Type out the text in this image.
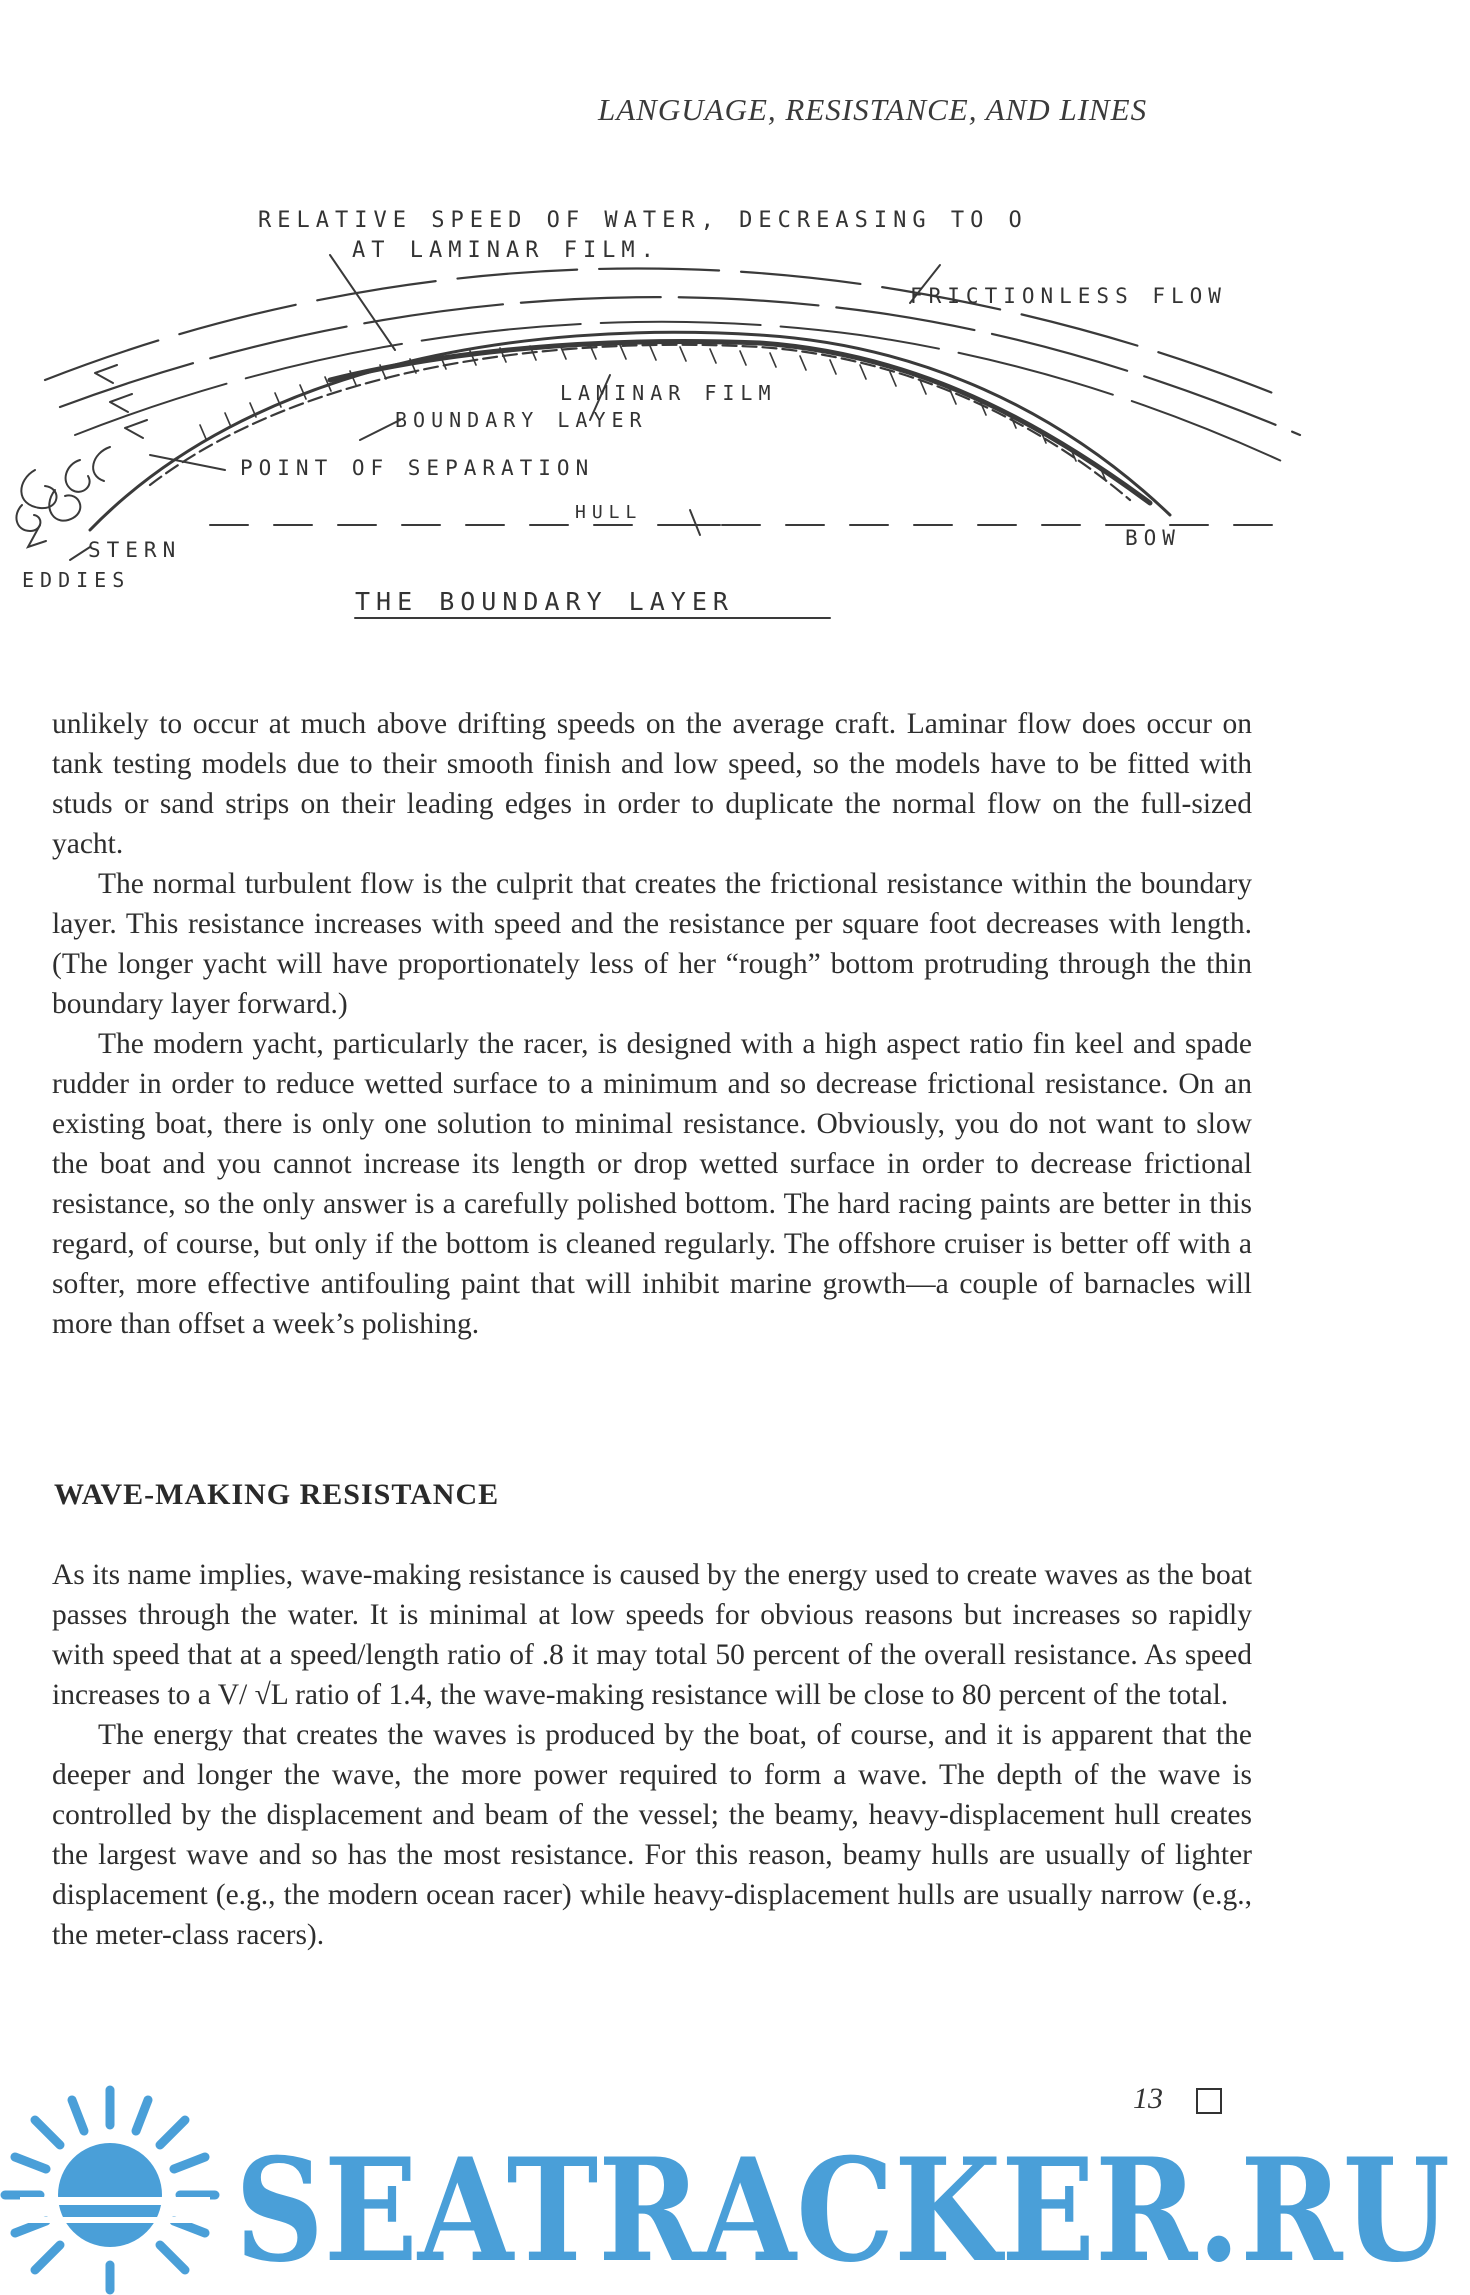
LANGUAGE, RESISTANCE, AND LINES
RELATIVE SPEED OF WATER, DECREASING TO O
AT LAMINAR FILM.
FRICTIONLESS FLOW
LAMINAR FILM
BOUNDARY LAYER
POINT OF SEPARATION
HULL
STERN	BOW
EDDIES
THE BOUNDARY LAYER

unlikely to occur at much above drifting speeds on the average craft. Laminar flow does occur on tank testing models due to their smooth finish and low speed, so the models have to be fitted with studs or sand strips on their leading edges in order to duplicate the normal flow on the full-sized yacht.

The normal turbulent flow is the culprit that creates the frictional resistance within the boundary layer. This resistance increases with speed and the resistance per square foot decreases with length. (The longer yacht will have proportionately less of her “rough” bottom protruding through the thin boundary layer forward.)

The modern yacht, particularly the racer, is designed with a high aspect ratio fin keel and spade rudder in order to reduce wetted surface to a minimum and so decrease frictional resistance. On an existing boat, there is only one solution to minimal resistance. Obviously, you do not want to slow the boat and you cannot increase its length or drop wetted surface in order to decrease frictional resistance, so the only answer is a carefully polished bottom. The hard racing paints are better in this regard, of course, but only if the bottom is cleaned regularly. The offshore cruiser is better off with a softer, more effective antifouling paint that will inhibit marine growth—a couple of barnacles will more than offset a week’s polishing.

WAVE-MAKING RESISTANCE

As its name implies, wave-making resistance is caused by the energy used to create waves as the boat passes through the water. It is minimal at low speeds for obvious reasons but increases so rapidly with speed that at a speed/length ratio of .8 it may total 50 percent of the overall resistance. As speed increases to a V/ √L ratio of 1.4, the wave-making resistance will be close to 80 percent of the total.

The energy that creates the waves is produced by the boat, of course, and it is apparent that the deeper and longer the wave, the more power required to form a wave. The depth of the wave is controlled by the displacement and beam of the vessel; the beamy, heavy-displacement hull creates the largest wave and so has the most resistance. For this reason, beamy hulls are usually of lighter displacement (e.g., the modern ocean racer) while heavy-displacement hulls are usually narrow (e.g., the meter-class racers).

13
SEATRACKER.RU
